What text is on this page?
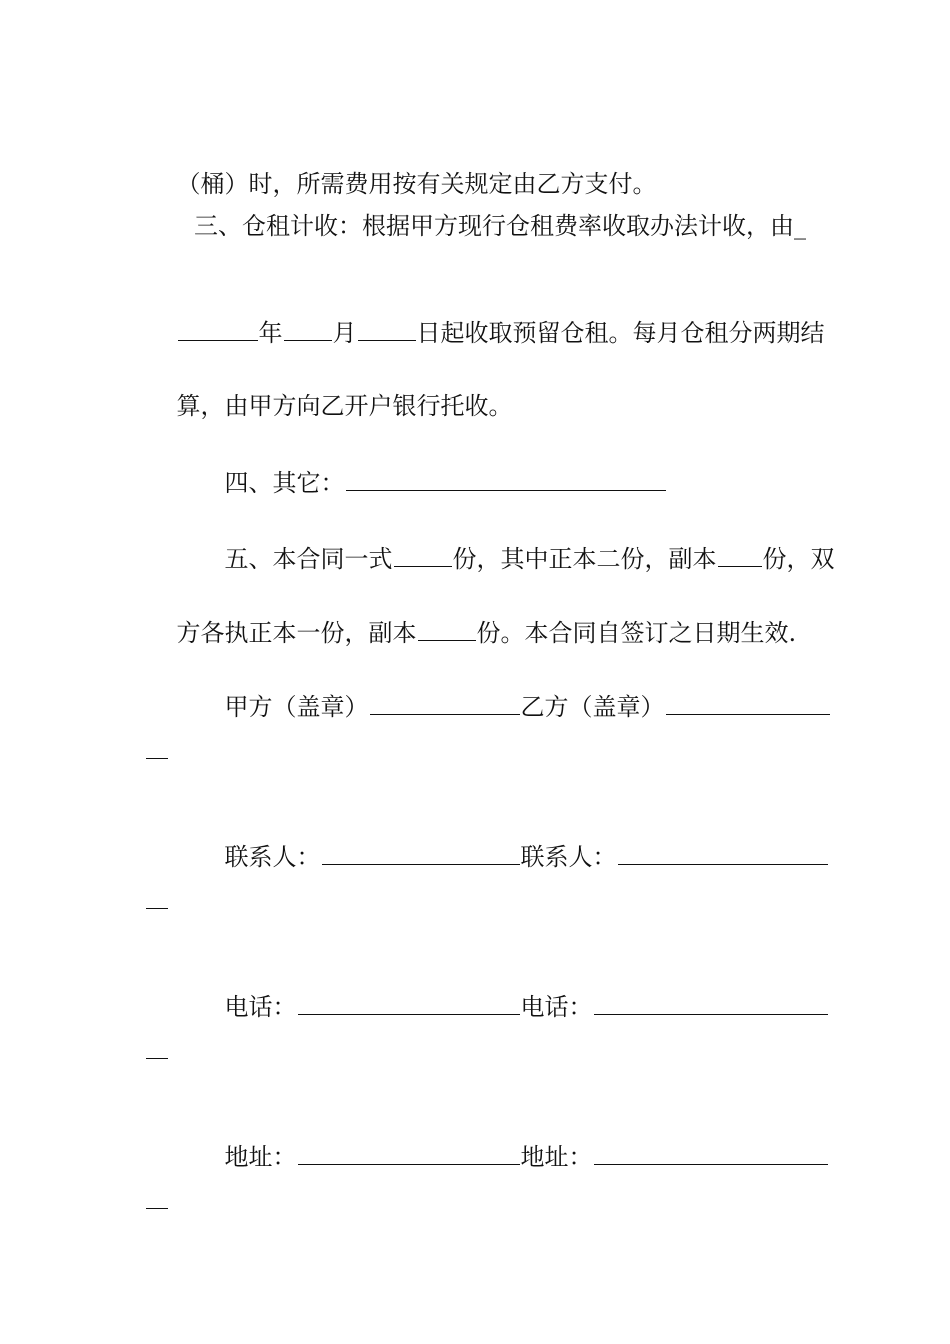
（桶）时，所需费用按有关规定由乙方支付。

三、仓租计收：根据甲方现行仓租费率收取办法计收，由_

年 月	日起收取预留仓租。每月仓租分两期结

算，由甲方向乙开户银行托收。

四、其它：

五、本合同一式	份，其中正本二份，副本 份，双

方各执正本一份，副本	份。本合同自签订之日期生效.

甲方（盖章）	乙方（盖章）

联系人：	联系人：

电话：	电话：

地址：	地址：
